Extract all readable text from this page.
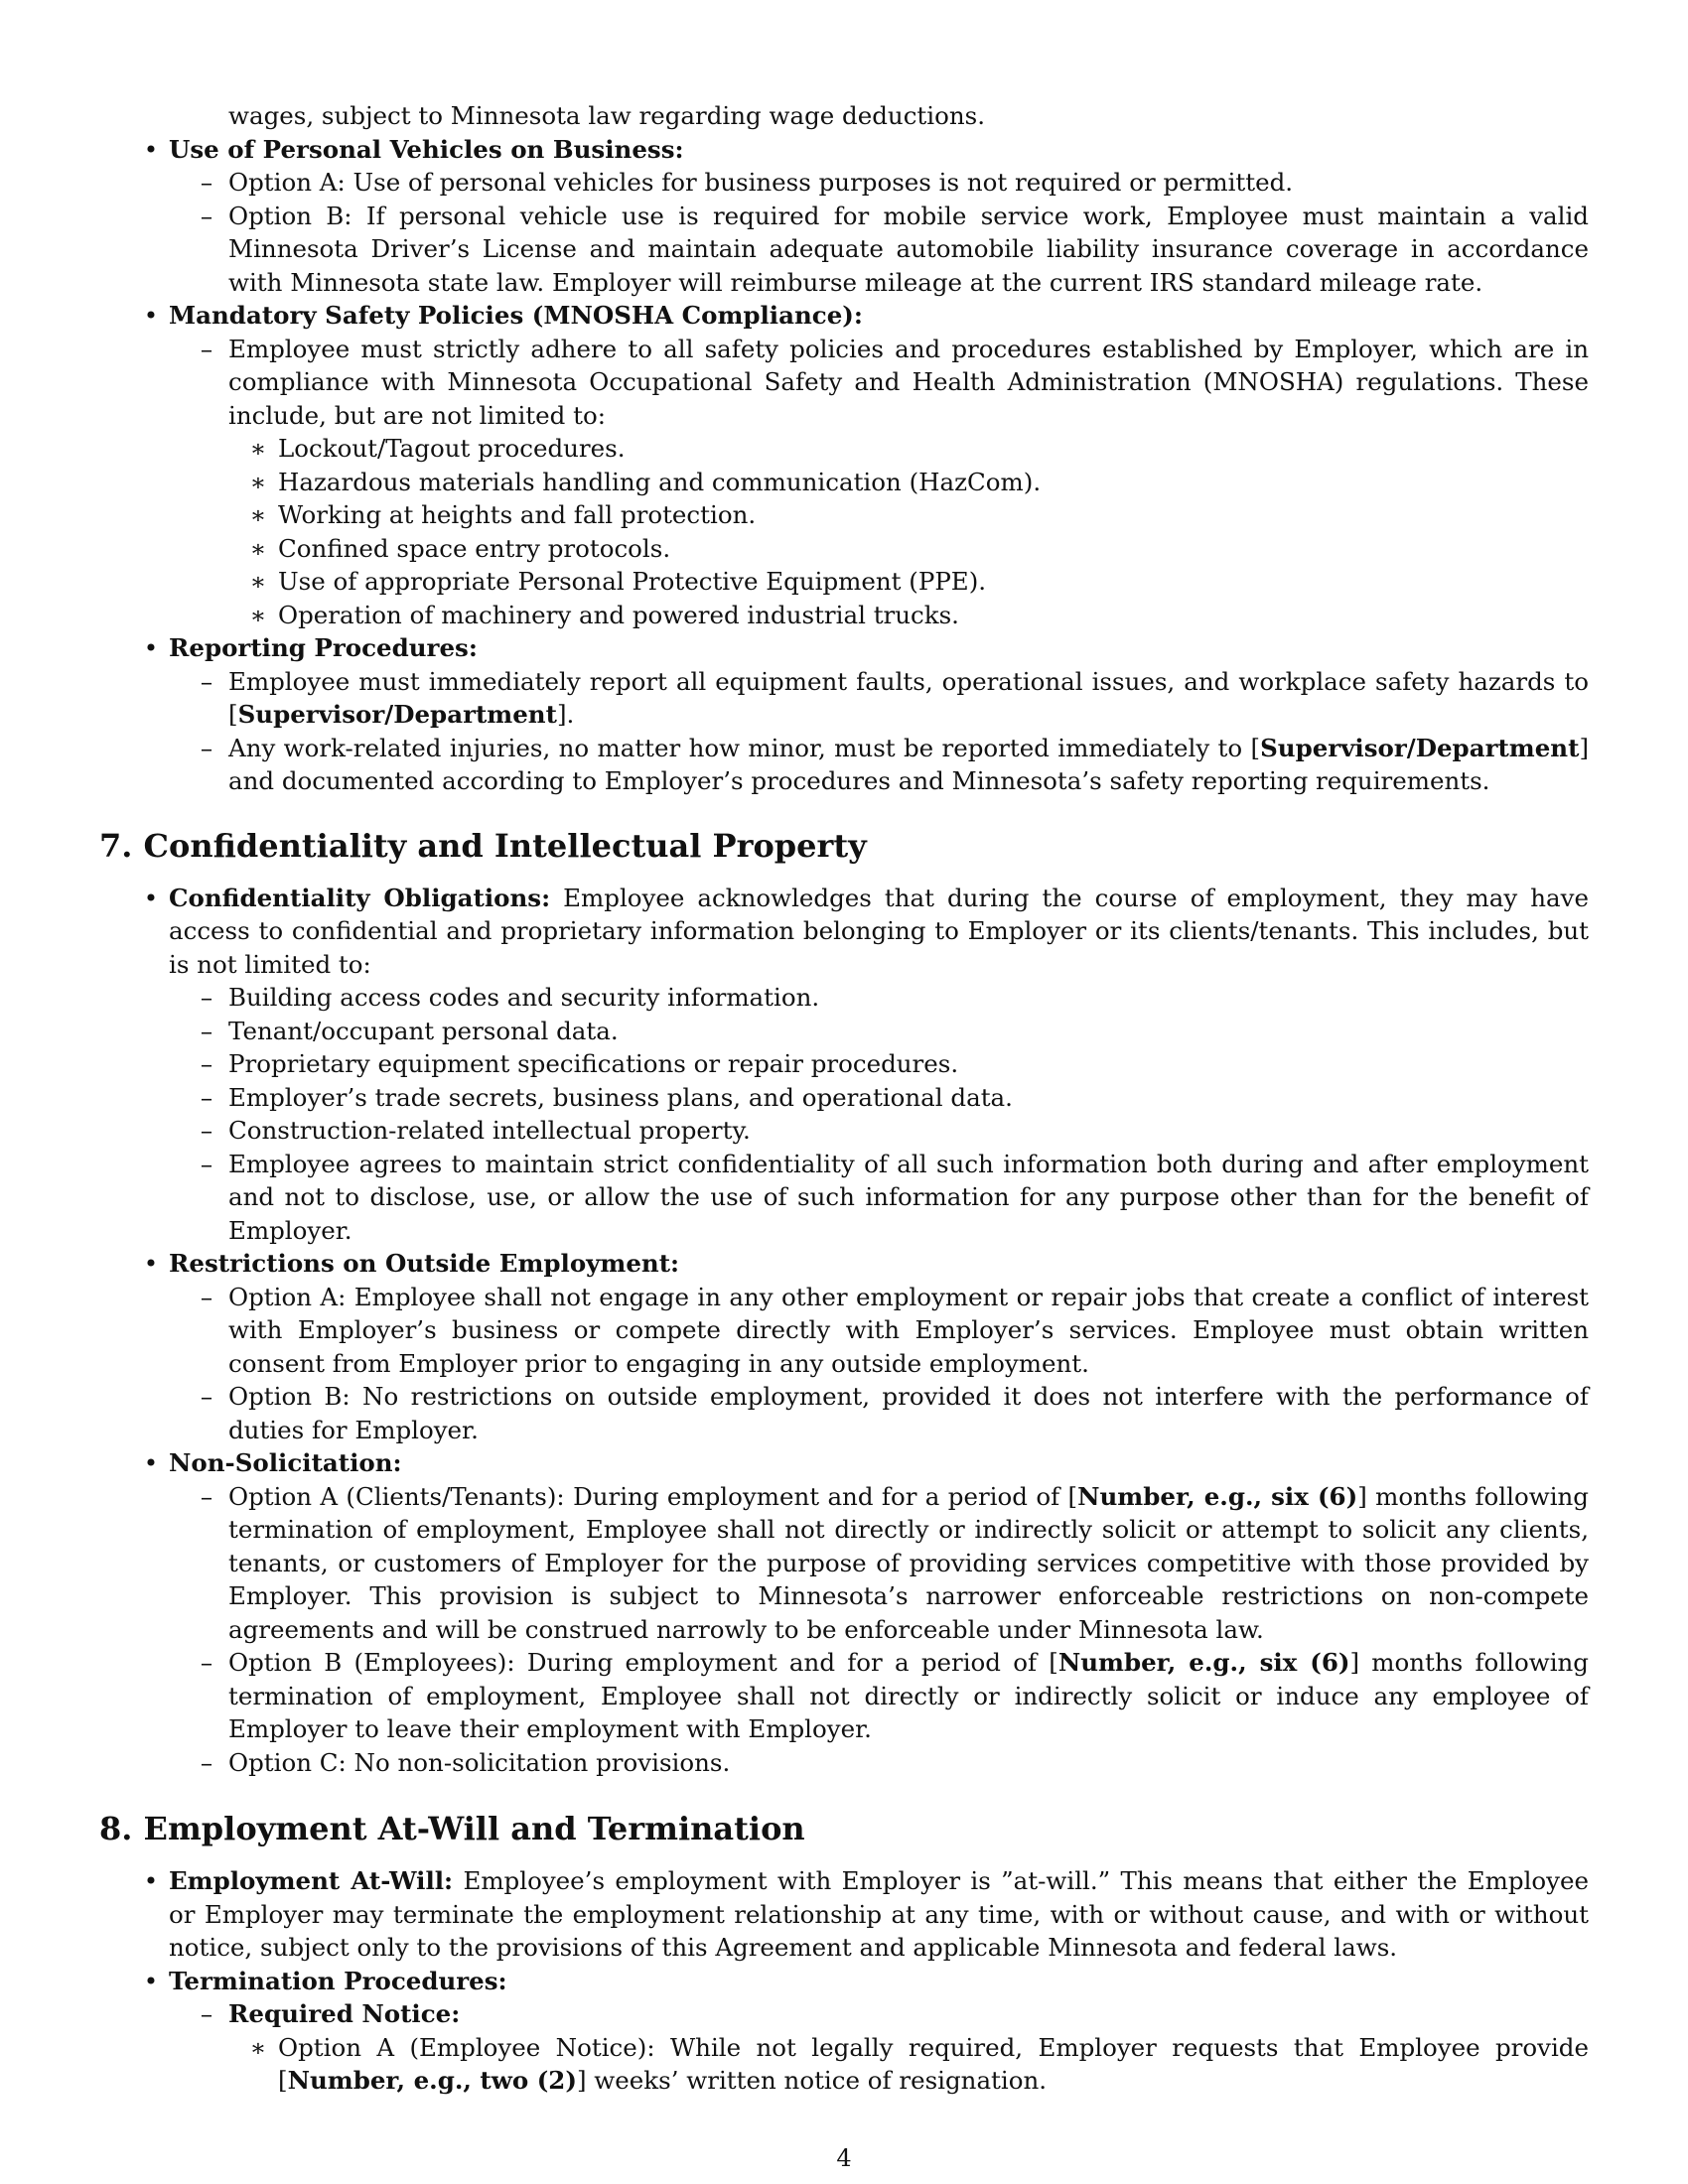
wages, subject to Minnesota law regarding wage deductions.
• Use of Personal Vehicles on Business:
– Option A: Use of personal vehicles for business purposes is not required or permitted.
– Option B: If personal vehicle use is required for mobile service work, Employee must maintain a valid Minnesota Driver’s License and maintain adequate automobile liability insurance coverage in accordance with Minnesota state law. Employer will reimburse mileage at the current IRS standard mileage rate.
• Mandatory Safety Policies (MNOSHA Compliance):
– Employee must strictly adhere to all safety policies and procedures established by Employer, which are in compliance with Minnesota Occupational Safety and Health Administration (MNOSHA) regulations. These include, but are not limited to:
∗ Lockout/Tagout procedures.
∗ Hazardous materials handling and communication (HazCom).
∗ Working at heights and fall protection.
∗ Confined space entry protocols.
∗ Use of appropriate Personal Protective Equipment (PPE).
∗ Operation of machinery and powered industrial trucks.
• Reporting Procedures:
– Employee must immediately report all equipment faults, operational issues, and workplace safety hazards to [Supervisor/Department].
– Any work-related injuries, no matter how minor, must be reported immediately to [Supervisor/Department] and documented according to Employer’s procedures and Minnesota’s safety reporting requirements.
7. Confidentiality and Intellectual Property
• Confidentiality Obligations: Employee acknowledges that during the course of employment, they may have access to confidential and proprietary information belonging to Employer or its clients/tenants. This includes, but is not limited to:
– Building access codes and security information.
– Tenant/occupant personal data.
– Proprietary equipment specifications or repair procedures.
– Employer’s trade secrets, business plans, and operational data.
– Construction-related intellectual property.
– Employee agrees to maintain strict confidentiality of all such information both during and after employment and not to disclose, use, or allow the use of such information for any purpose other than for the benefit of Employer.
• Restrictions on Outside Employment:
– Option A: Employee shall not engage in any other employment or repair jobs that create a conflict of interest with Employer’s business or compete directly with Employer’s services. Employee must obtain written consent from Employer prior to engaging in any outside employment.
– Option B: No restrictions on outside employment, provided it does not interfere with the performance of duties for Employer.
• Non-Solicitation:
– Option A (Clients/Tenants): During employment and for a period of [Number, e.g., six (6)] months following termination of employment, Employee shall not directly or indirectly solicit or attempt to solicit any clients, tenants, or customers of Employer for the purpose of providing services competitive with those provided by Employer. This provision is subject to Minnesota’s narrower enforceable restrictions on non-compete agreements and will be construed narrowly to be enforceable under Minnesota law.
– Option B (Employees): During employment and for a period of [Number, e.g., six (6)] months following termination of employment, Employee shall not directly or indirectly solicit or induce any employee of Employer to leave their employment with Employer.
– Option C: No non-solicitation provisions.
8. Employment At-Will and Termination
• Employment At-Will: Employee’s employment with Employer is ”at-will.” This means that either the Employee or Employer may terminate the employment relationship at any time, with or without cause, and with or without notice, subject only to the provisions of this Agreement and applicable Minnesota and federal laws.
• Termination Procedures:
– Required Notice:
∗ Option A (Employee Notice): While not legally required, Employer requests that Employee provide [Number, e.g., two (2)] weeks’ written notice of resignation.
4
